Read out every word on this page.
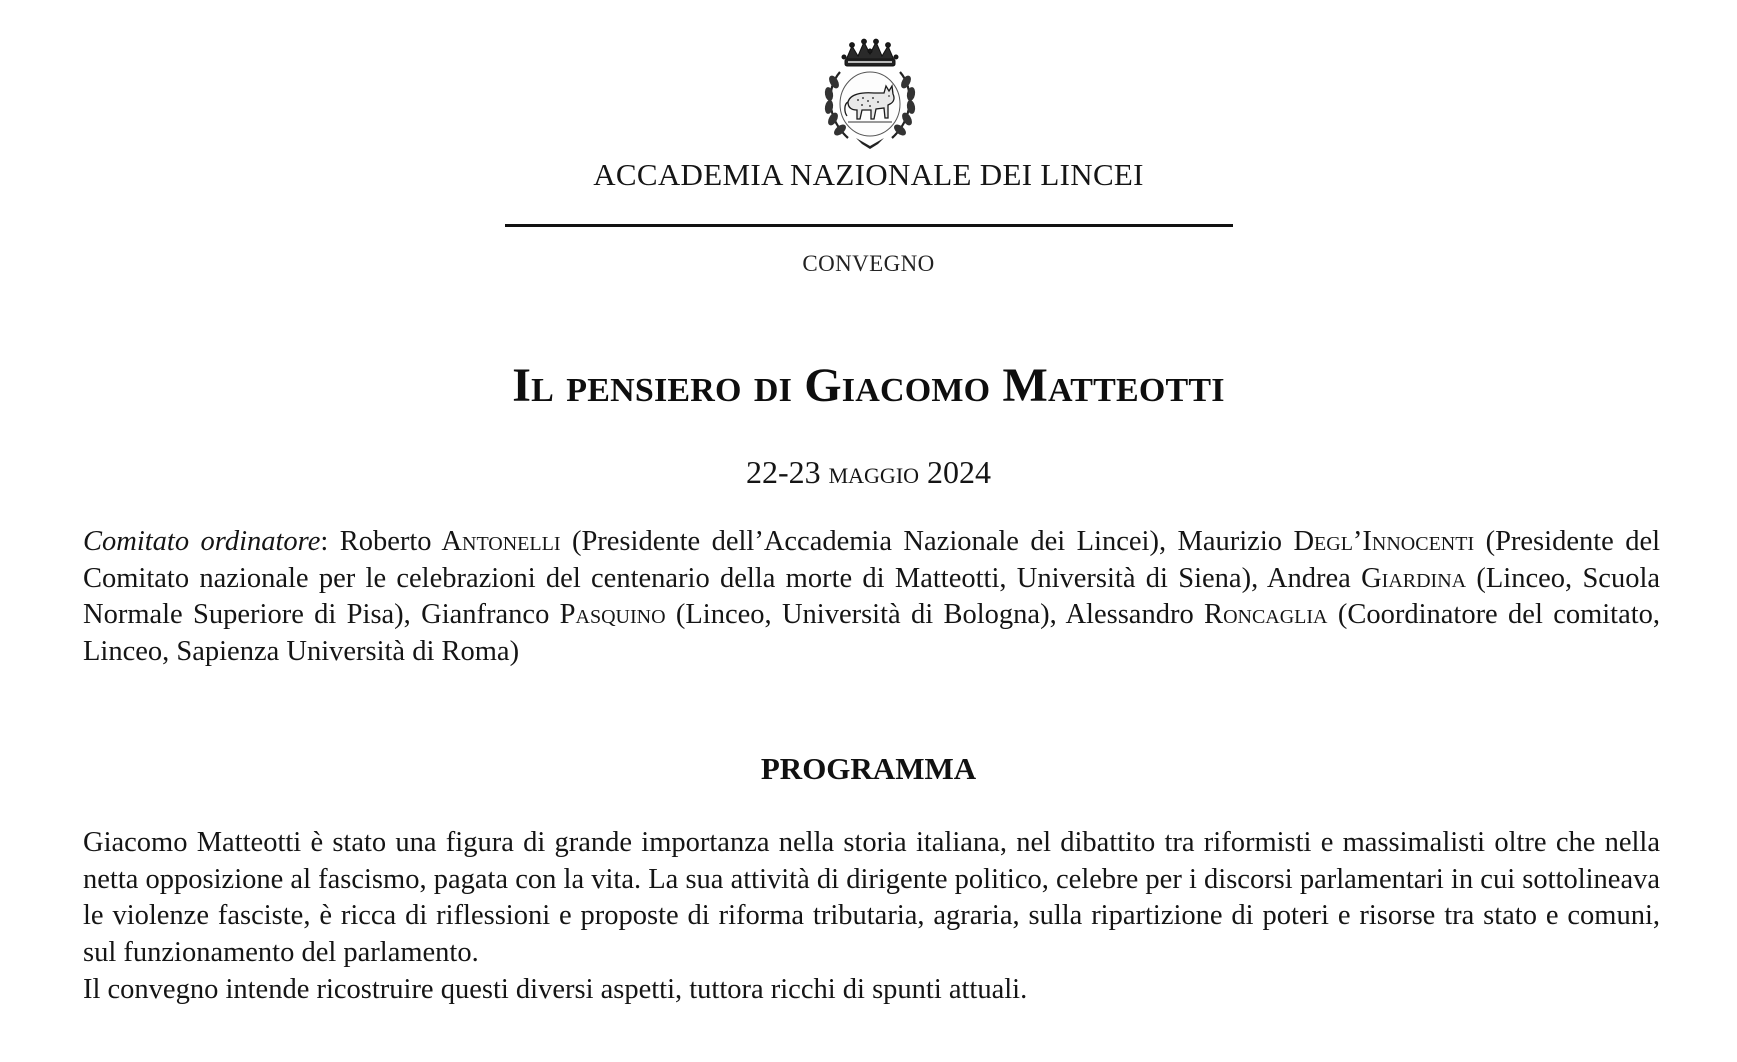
ACCADEMIA NAZIONALE DEI LINCEI
CONVEGNO
Il pensiero di Giacomo Matteotti
22-23 maggio 2024
Comitato ordinatore: Roberto Antonelli (Presidente dell’Accademia Nazionale dei Lincei), Maurizio Degl’Innocenti (Presidente del Comitato nazionale per le celebrazioni del centenario della morte di Matteotti, Università di Siena), Andrea Giardina (Linceo, Scuola Normale Superiore di Pisa), Gianfranco Pasquino (Linceo, Università di Bologna), Alessandro Roncaglia (Coordinatore del comitato, Linceo, Sapienza Università di Roma)
PROGRAMMA

Giacomo Matteotti è stato una figura di grande importanza nella storia italiana, nel dibattito tra riformisti e massimalisti oltre che nella netta opposizione al fascismo, pagata con la vita. La sua attività di dirigente politico, celebre per i discorsi parlamentari in cui sottolineava le violenze fasciste, è ricca di riflessioni e proposte di riforma tributaria, agraria, sulla ripartizione di poteri e risorse tra stato e comuni, sul funzionamento del parlamento.

Il convegno intende ricostruire questi diversi aspetti, tuttora ricchi di spunti attuali.
